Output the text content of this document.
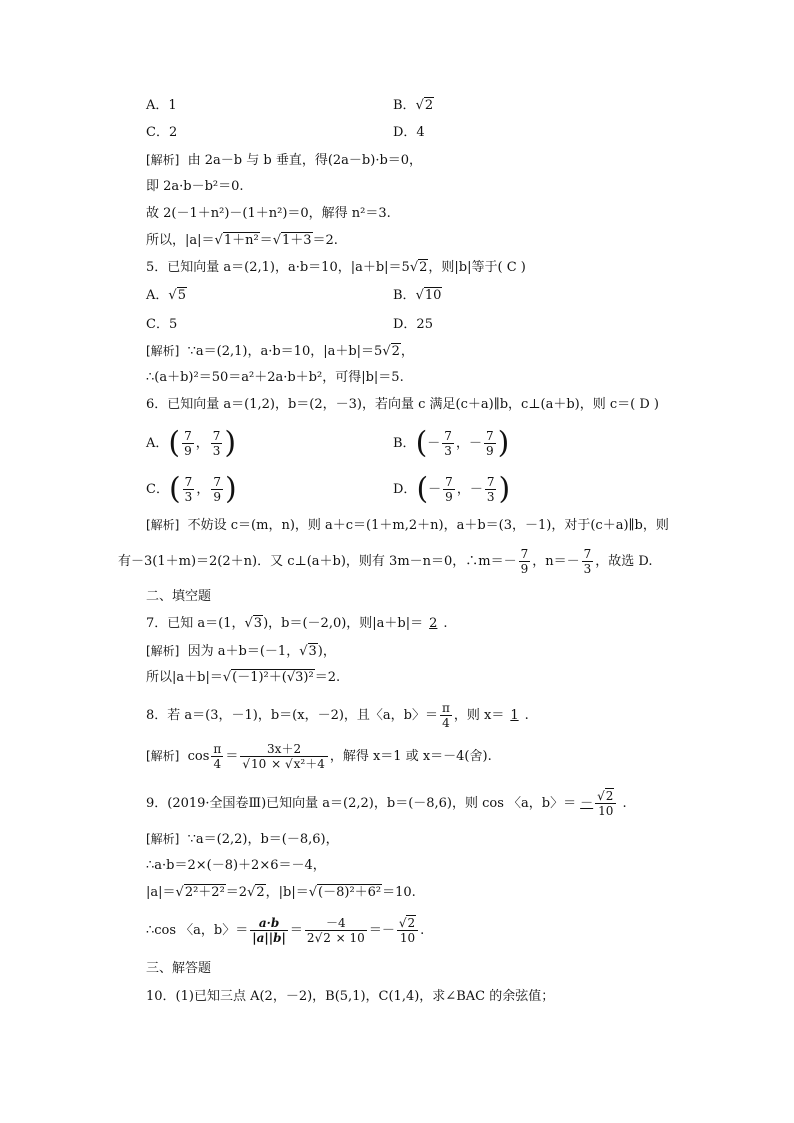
A．1	B．√2
C．2	D．4
[解析] 由 2a－b 与 b 垂直，得(2a－b)·b＝0，
即 2a·b－b²＝0.
故 2(－1＋n²)－(1＋n²)＝0，解得 n²＝3.
所以，|a|＝√1＋n²＝√1＋3＝2.
5．已知向量 a＝(2,1)，a·b＝10，|a＋b|＝5√2，则|b|等于( C )
A．√5	B．√10
C．5	D．25
[解析] ∵a＝(2,1)，a·b＝10，|a＋b|＝5√2，
∴(a＋b)²＝50＝a²＋2a·b＋b²，可得|b|＝5.
6．已知向量 a＝(1,2)，b＝(2，－3)，若向量 c 满足(c＋a)∥b，c⊥(a＋b)，则 c＝( D )
A．( $\frac{7}{9}$ ， $\frac{7}{3}$ )	B．(－ $\frac{7}{3}$ ，－ $\frac{7}{9}$ )
C．( $\frac{7}{3}$ ， $\frac{7}{9}$ )	D．(－ $\frac{7}{9}$ ，－ $\frac{7}{3}$ )
[解析] 不妨设 c＝(m，n)，则 a＋c＝(1＋m,2＋n)，a＋b＝(3，－1)，对于(c＋a)∥b，则
有－3(1＋m)＝2(2＋n)．又 c⊥(a＋b)，则有 3m－n＝0，∴m＝－ $\frac{7}{9}$ ，$n=- \frac{7}{3}$ ，故选 D.
二、填空题
7．已知 a＝(1，√3)，b＝(－2,0)，则|a＋b|＝ 2 .
[解析] 因为 a＋b＝(－1，√3)，
所以|a＋b|＝√(－1)²＋(√3)²＝2.
8．若 a＝(3，－1)，b＝(x，－2)，且〈a，b〉＝ $\frac{\pi}{4}$ ，则 x＝ 1 .
[解析] $\cos \frac{\pi}{4} = \frac{3x+2}{\text{√10 × √x²＋4}}$ ，解得 x＝1 或 x＝－4(舍).
9．(2019·全国卷Ⅲ)已知向量 a＝(2,2)，b＝(－8,6)，则 cos 〈a，b〉＝ － $\frac{√2}{10}$ .
[解析] ∵a＝(2,2)，b＝(－8,6)，
∴a·b＝2×(－8)＋2×6＝－4，
|a|＝√2²＋2²＝2√2，|b|＝√(－8)²＋6²＝10.
∴cos 〈a，b〉＝ $\frac{a\cdot b}{|a||b|} = \frac{-4}{2√2 \times 10} =- \frac{√2}{10}$ .
三、解答题
10．(1)已知三点 A(2，－2)，B(5,1)，C(1,4)，求∠BAC 的余弦值；
